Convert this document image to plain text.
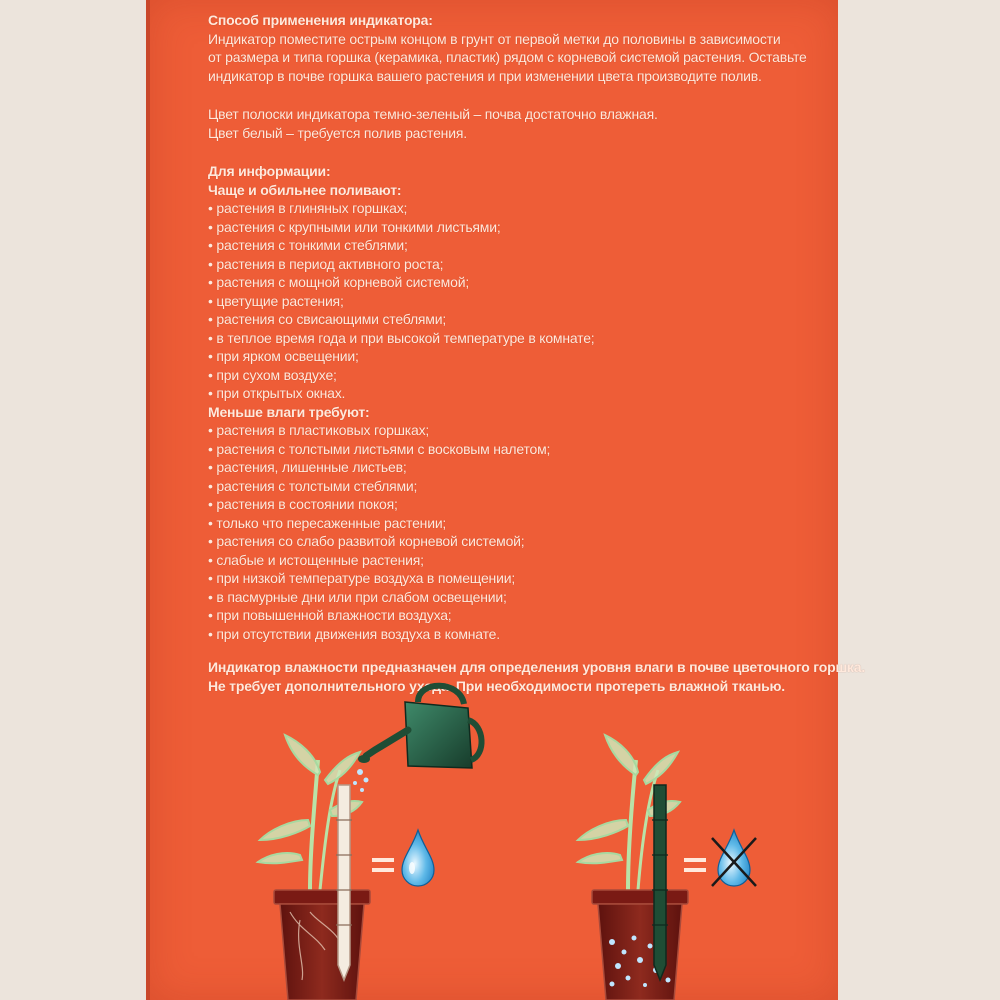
Способ применения индикатора:
Индикатор поместите острым концом в грунт от первой метки до половины в зависимости
от размера и типа горшка (керамика, пластик) рядом с корневой системой растения. Оставьте
индикатор в почве горшка вашего растения и при изменении цвета производите полив.
Цвет полоски индикатора темно-зеленый – почва достаточно влажная.
Цвет белый – требуется полив растения.
Для информации:
Чаще и обильнее поливают:
• растения в глиняных горшках;
• растения с крупными или тонкими листьями;
• растения с тонкими стеблями;
• растения в период активного роста;
• растения с мощной корневой системой;
• цветущие растения;
• растения со свисающими стеблями;
• в теплое время года и при высокой температуре в комнате;
• при ярком освещении;
• при сухом воздухе;
• при открытых окнах.
Меньше влаги требуют:
• растения в пластиковых горшках;
• растения с толстыми листьями с восковым налетом;
• растения, лишенные листьев;
• растения с толстыми стеблями;
• растения в состоянии покоя;
• только что пересаженные растении;
• растения со слабо развитой корневой системой;
• слабые и истощенные растения;
• при низкой температуре воздуха в помещении;
• в пасмурные дни или при слабом освещении;
• при повышенной влажности воздуха;
• при отсутствии движения воздуха в комнате.
Индикатор влажности предназначен для определения уровня влаги в почве цветочного горшка.
Не требует дополнительного ухода. При необходимости протереть влажной тканью.
